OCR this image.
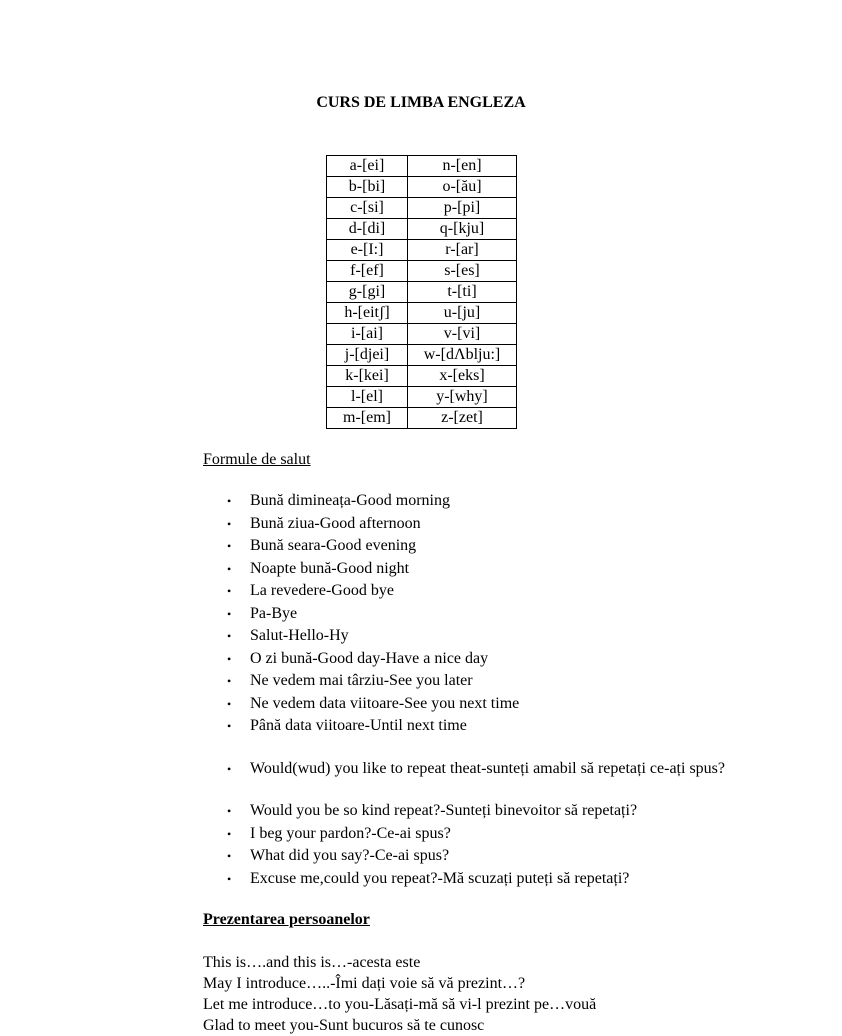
CURS DE LIMBA ENGLEZA
a-[ei]	n-[en]
b-[bi]	o-[ău]
c-[si]	p-[pi]
d-[di]	q-[kju]
e-[I:]	r-[ar]
f-[ef]	s-[es]
g-[gi]	t-[ti]
h-[eitʃ]	u-[ju]
i-[ai]	v-[vi]
j-[djei]	w-[dΛblju:]
k-[kei]	x-[eks]
l-[el]	y-[why]
m-[em]	z-[zet]
Formule de salut
• Bună dimineața-Good morning
• Bună ziua-Good afternoon
• Bună seara-Good evening
• Noapte bună-Good night
• La revedere-Good bye
• Pa-Bye
• Salut-Hello-Hy
• O zi bună-Good day-Have a nice day
• Ne vedem mai târziu-See you later
• Ne vedem data viitoare-See you next time
• Până data viitoare-Until next time
• Would(wud) you like to repeat theat-sunteți amabil să repetați ce-ați spus?
• Would you be so kind repeat?-Sunteți binevoitor să repetați?
• I beg your pardon?-Ce-ai spus?
• What did you say?-Ce-ai spus?
• Excuse me,could you repeat?-Mă scuzați puteți să repetați?
Prezentarea persoanelor
This is….and this is…-acesta este
May I introduce…..-Îmi dați voie să vă prezint…?
Let me introduce…to you-Lăsați-mă să vi-l prezint pe…vouă
Glad to meet you-Sunt bucuros să te cunosc
